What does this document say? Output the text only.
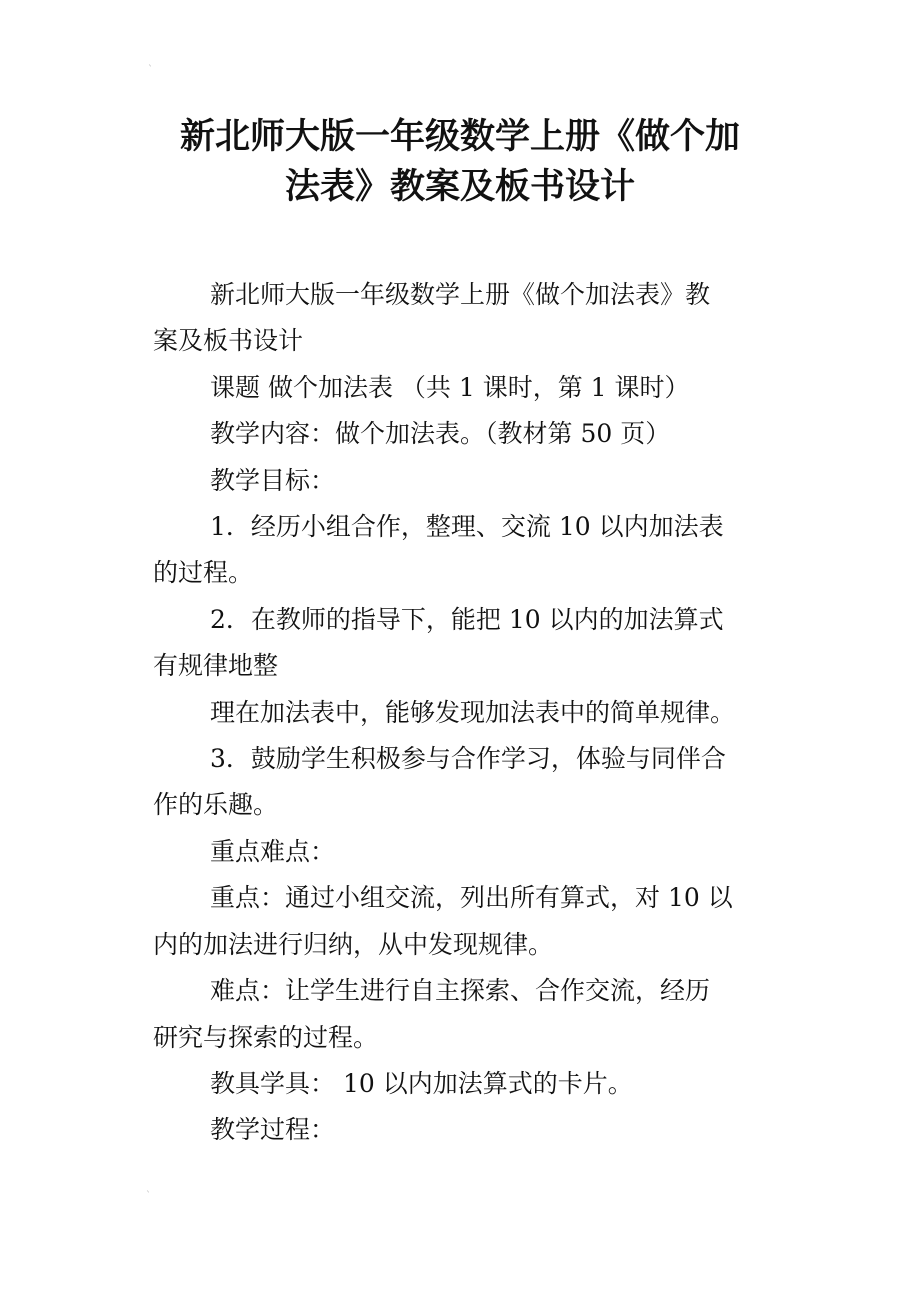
`
新北师大版一年级数学上册《做个加
法表》教案及板书设计

新北师大版一年级数学上册《做个加法表》教

案及板书设计

课题 做个加法表 （共 1 课时，第 1 课时）

教学内容：做个加法表。（教材第 50 页）

教学目标：

1．经历小组合作，整理、交流 10 以内加法表

的过程。

2．在教师的指导下，能把 10 以内的加法算式

有规律地整

理在加法表中，能够发现加法表中的简单规律。

3．鼓励学生积极参与合作学习，体验与同伴合

作的乐趣。

重点难点：

重点：通过小组交流，列出所有算式，对 10 以

内的加法进行归纳，从中发现规律。

难点：让学生进行自主探索、合作交流，经历

研究与探索的过程。

教具学具： 10 以内加法算式的卡片。

教学过程：

`
